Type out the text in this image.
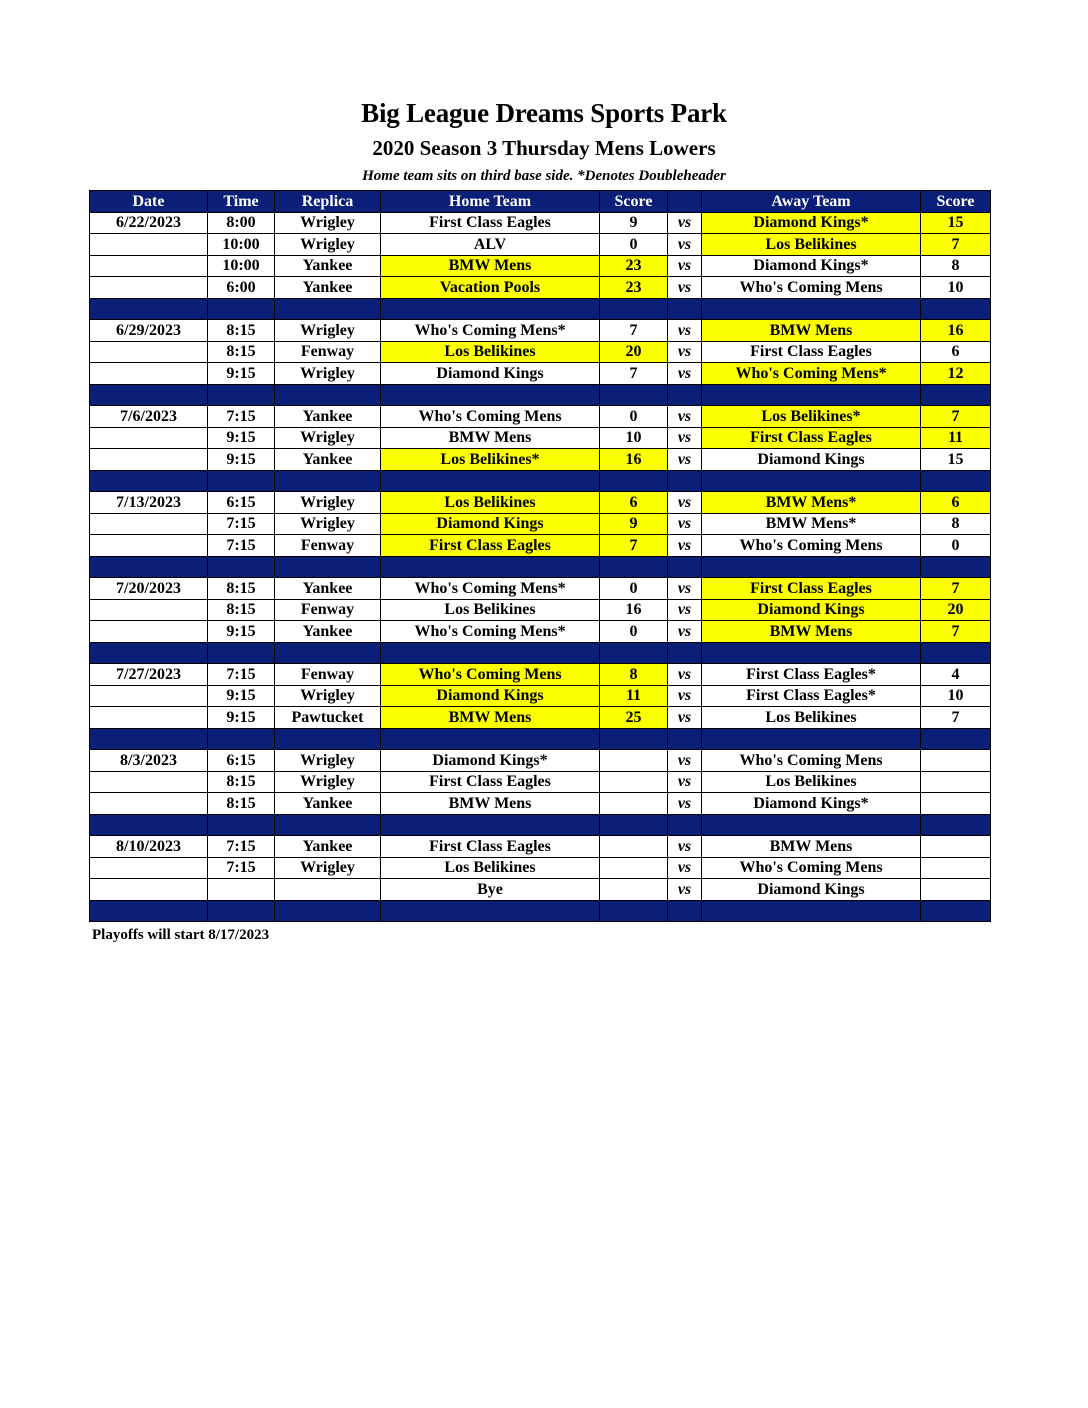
Big League Dreams Sports Park
2020 Season 3 Thursday Mens Lowers
Home team sits on third base side. *Denotes Doubleheader
Date	Time	Replica	Home Team	Score		Away Team	Score
6/22/2023	8:00	Wrigley	First Class Eagles	9	vs	Diamond Kings*	15
	10:00	Wrigley	ALV	0	vs	Los Belikines	7
	10:00	Yankee	BMW Mens	23	vs	Diamond Kings*	8
	6:00	Yankee	Vacation Pools	23	vs	Who's Coming Mens	10

6/29/2023	8:15	Wrigley	Who's Coming Mens*	7	vs	BMW Mens	16
	8:15	Fenway	Los Belikines	20	vs	First Class Eagles	6
	9:15	Wrigley	Diamond Kings	7	vs	Who's Coming Mens*	12

7/6/2023	7:15	Yankee	Who's Coming Mens	0	vs	Los Belikines*	7
	9:15	Wrigley	BMW Mens	10	vs	First Class Eagles	11
	9:15	Yankee	Los Belikines*	16	vs	Diamond Kings	15

7/13/2023	6:15	Wrigley	Los Belikines	6	vs	BMW Mens*	6
	7:15	Wrigley	Diamond Kings	9	vs	BMW Mens*	8
	7:15	Fenway	First Class Eagles	7	vs	Who's Coming Mens	0

7/20/2023	8:15	Yankee	Who's Coming Mens*	0	vs	First Class Eagles	7
	8:15	Fenway	Los Belikines	16	vs	Diamond Kings	20
	9:15	Yankee	Who's Coming Mens*	0	vs	BMW Mens	7

7/27/2023	7:15	Fenway	Who's Coming Mens	8	vs	First Class Eagles*	4
	9:15	Wrigley	Diamond Kings	11	vs	First Class Eagles*	10
	9:15	Pawtucket	BMW Mens	25	vs	Los Belikines	7

8/3/2023	6:15	Wrigley	Diamond Kings*		vs	Who's Coming Mens	
	8:15	Wrigley	First Class Eagles		vs	Los Belikines	
	8:15	Yankee	BMW Mens		vs	Diamond Kings*	

8/10/2023	7:15	Yankee	First Class Eagles		vs	BMW Mens	
	7:15	Wrigley	Los Belikines		vs	Who's Coming Mens	
			Bye		vs	Diamond Kings	

Playoffs will start 8/17/2023
